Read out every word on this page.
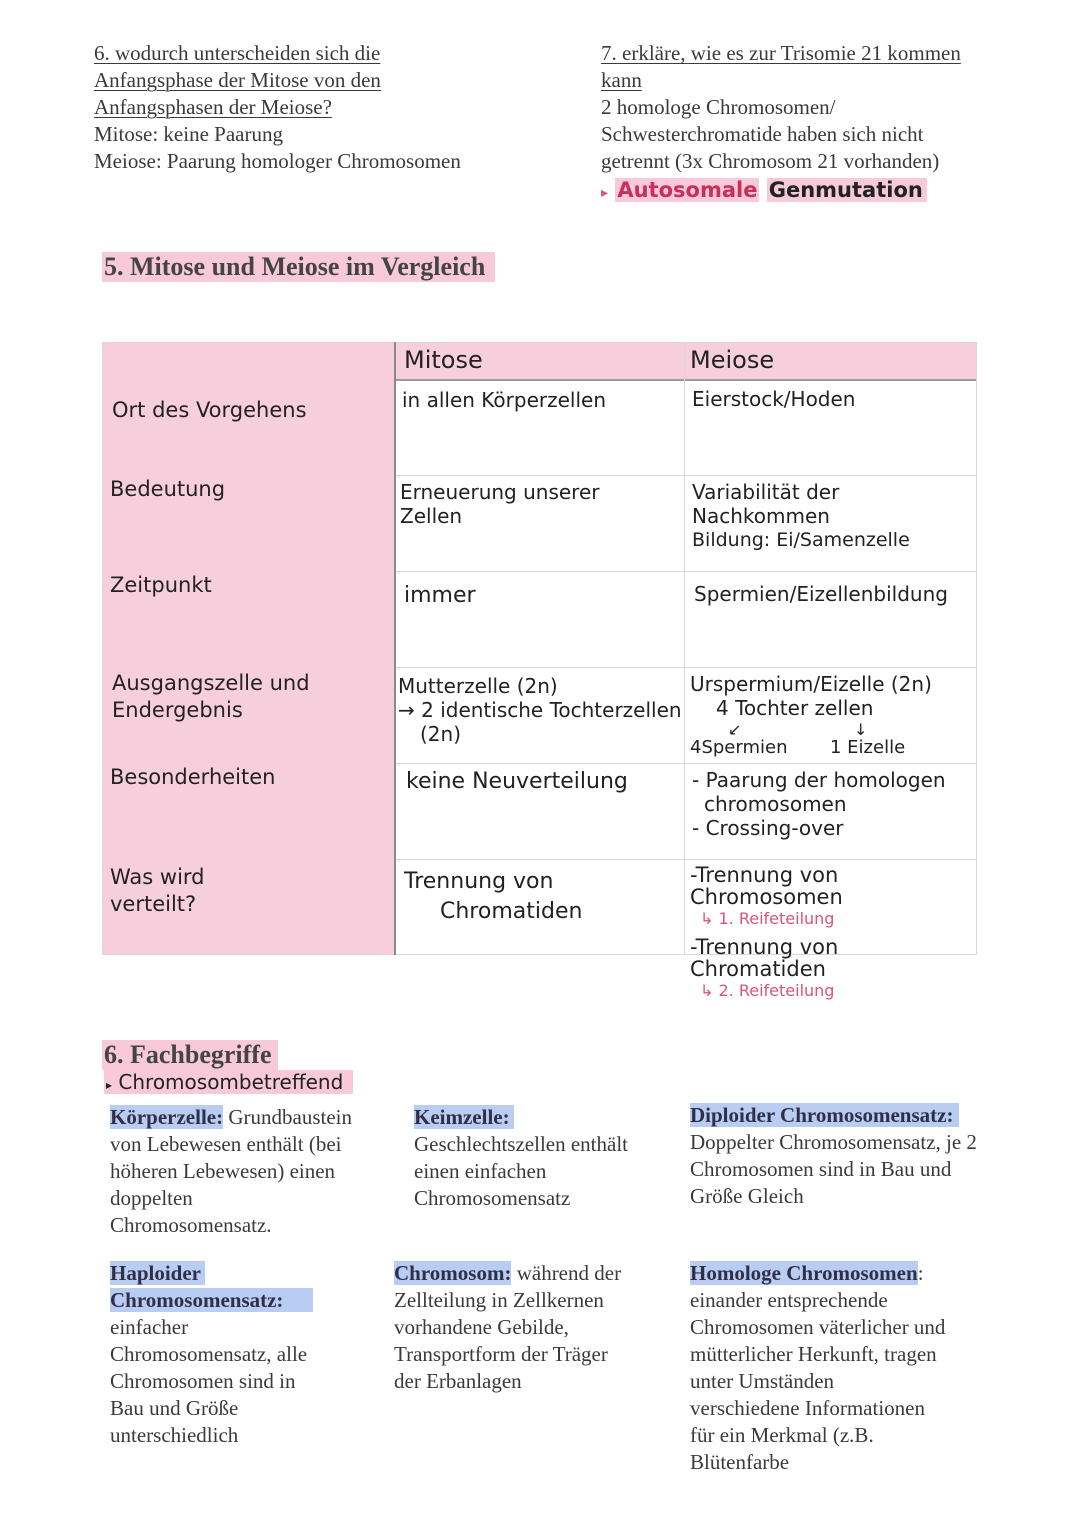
6. wodurch unterscheiden sich die
Anfangsphase der Mitose von den
Anfangsphasen der Meiose?
Mitose: keine Paarung
Meiose: Paarung homologer Chromosomen
7. erkläre, wie es zur Trisomie 21 kommen
kann
2 homologe Chromosomen/
Schwesterchromatide haben sich nicht
getrennt (3x Chromosom 21 vorhanden)
▸ Autosomale Genmutation
5. Mitose und Meiose im Vergleich
Mitose	Meiose
Ort des Vorgehens
Bedeutung
Zeitpunkt
Ausgangszelle und
Endergebnis
Besonderheiten
Was wird
verteilt?
in allen Körperzellen
Erneuerung unserer
Zellen
immer
Mutterzelle (2n)
→ 2 identische Tochterzellen
(2n)
keine Neuverteilung
Trennung von
Chromatiden
Eierstock/Hoden
Variabilität der
Nachkommen
Bildung: Ei/Samenzelle
Spermien/Eizellenbildung
Urspermium/Eizelle (2n)
4 Tochter zellen
↙	↓
4Spermien 1 Eizelle
- Paarung der homologen
chromosomen
- Crossing-over
-Trennung von Chromosomen
↳ 1. Reifeteilung
-Trennung von Chromatiden
↳ 2. Reifeteilung
6. Fachbegriffe
▸ Chromosombetreffend
Körperzelle: Grundbaustein
von Lebewesen enthält (bei
höheren Lebewesen) einen
doppelten
Chromosomensatz.
Keimzelle:
Geschlechtszellen enthält
einen einfachen
Chromosomensatz
Diploider Chromosomensatz:
Doppelter Chromosomensatz, je 2
Chromosomen sind in Bau und
Größe Gleich
Haploider
Chromosomensatz:
einfacher
Chromosomensatz, alle
Chromosomen sind in
Bau und Größe
unterschiedlich
Chromosom: während der
Zellteilung in Zellkernen
vorhandene Gebilde,
Transportform der Träger
der Erbanlagen
Homologe Chromosomen:
einander entsprechende
Chromosomen väterlicher und
mütterlicher Herkunft, tragen
unter Umständen
verschiedene Informationen
für ein Merkmal (z.B.
Blütenfarbe
